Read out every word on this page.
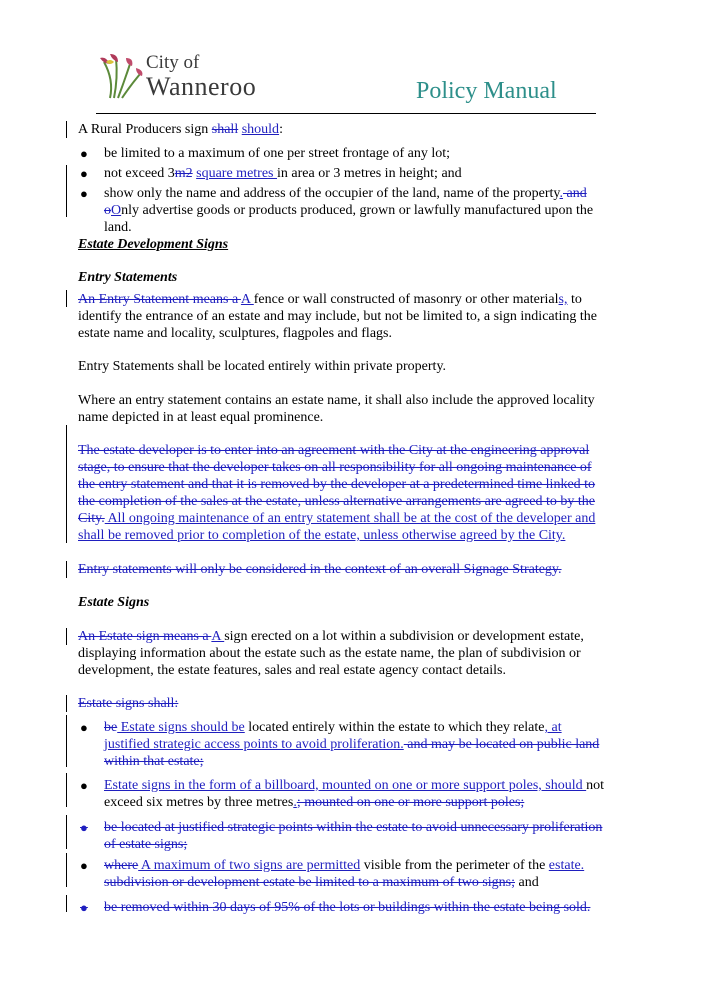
City of
Wanneroo	Policy Manual
A Rural Producers sign shall should:
● be limited to a maximum of one per street frontage of any lot;
● not exceed 3m2 square metres in area or 3 metres in height; and
● show only the name and address of the occupier of the land, name of the property. and
oOnly advertise goods or products produced, grown or lawfully manufactured upon the
land.
Estate Development Signs
Entry Statements
An Entry Statement means a A fence or wall constructed of masonry or other materials, to
identify the entrance of an estate and may include, but not be limited to, a sign indicating the
estate name and locality, sculptures, flagpoles and flags.
Entry Statements shall be located entirely within private property.
Where an entry statement contains an estate name, it shall also include the approved locality
name depicted in at least equal prominence.
The estate developer is to enter into an agreement with the City at the engineering approval
stage, to ensure that the developer takes on all responsibility for all ongoing maintenance of
the entry statement and that it is removed by the developer at a predetermined time linked to
the completion of the sales at the estate, unless alternative arrangements are agreed to by the
City. All ongoing maintenance of an entry statement shall be at the cost of the developer and
shall be removed prior to completion of the estate, unless otherwise agreed by the City.
Entry statements will only be considered in the context of an overall Signage Strategy.
Estate Signs
An Estate sign means a A sign erected on a lot within a subdivision or development estate,
displaying information about the estate such as the estate name, the plan of subdivision or
development, the estate features, sales and real estate agency contact details.
Estate signs shall:
● be Estate signs should be located entirely within the estate to which they relate, at
justified strategic access points to avoid proliferation. and may be located on public land
within that estate;
● Estate signs in the form of a billboard, mounted on one or more support poles, should not
exceed six metres by three metres.; mounted on one or more support poles;
● be located at justified strategic points within the estate to avoid unnecessary proliferation
of estate signs;
● where A maximum of two signs are permitted visible from the perimeter of the estate.
subdivision or development estate be limited to a maximum of two signs; and
● be removed within 30 days of 95% of the lots or buildings within the estate being sold.
